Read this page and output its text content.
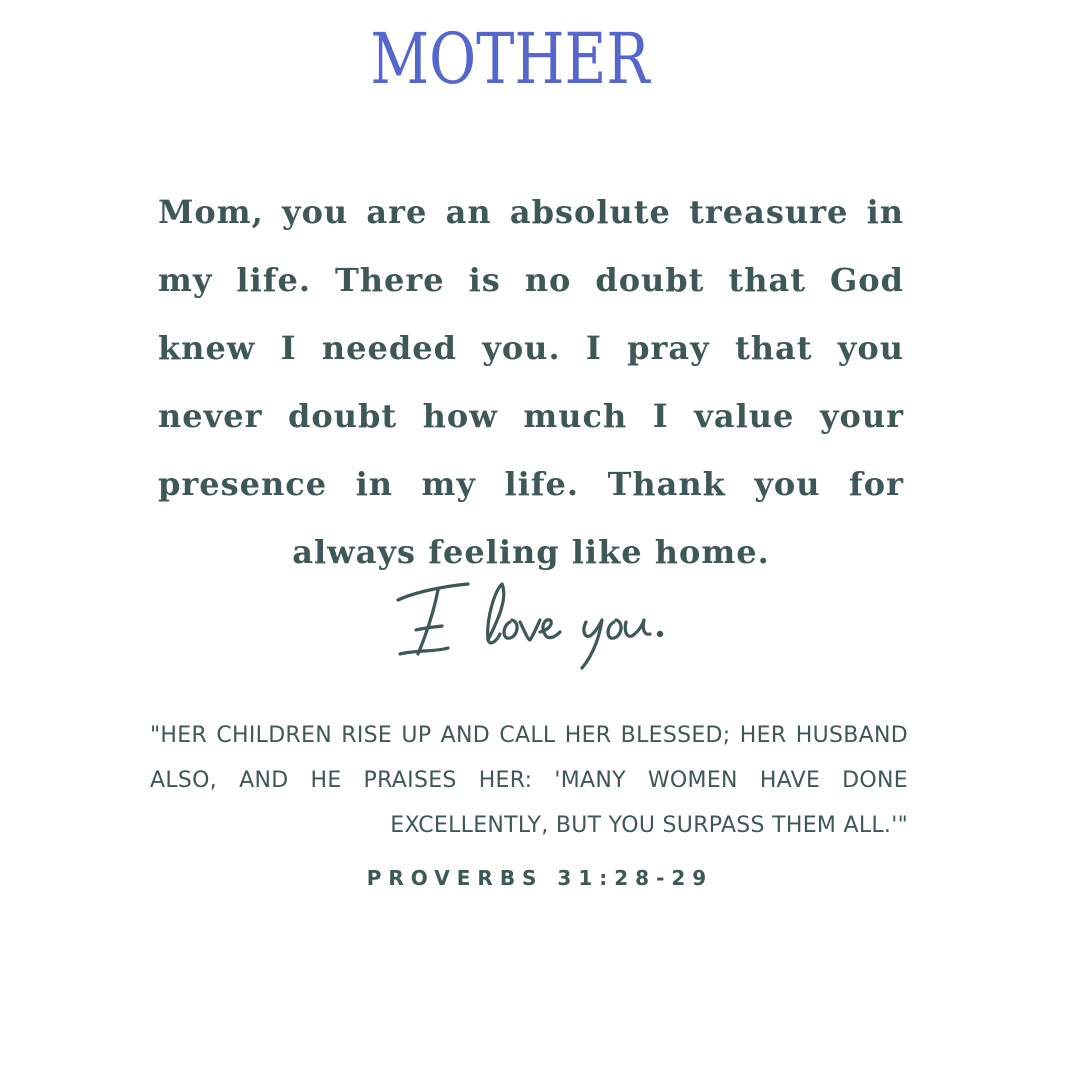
MOTHER
Mom, you are an absolute treasure in my life. There is no doubt that God knew I needed you. I pray that you never doubt how much I value your presence in my life. Thank you for always feeling like home.
"HER CHILDREN RISE UP AND CALL HER BLESSED; HER HUSBAND ALSO, AND HE PRAISES HER: 'MANY WOMEN HAVE DONE EXCELLENTLY, BUT YOU SURPASS THEM ALL.'"
PROVERBS 31:28-29
